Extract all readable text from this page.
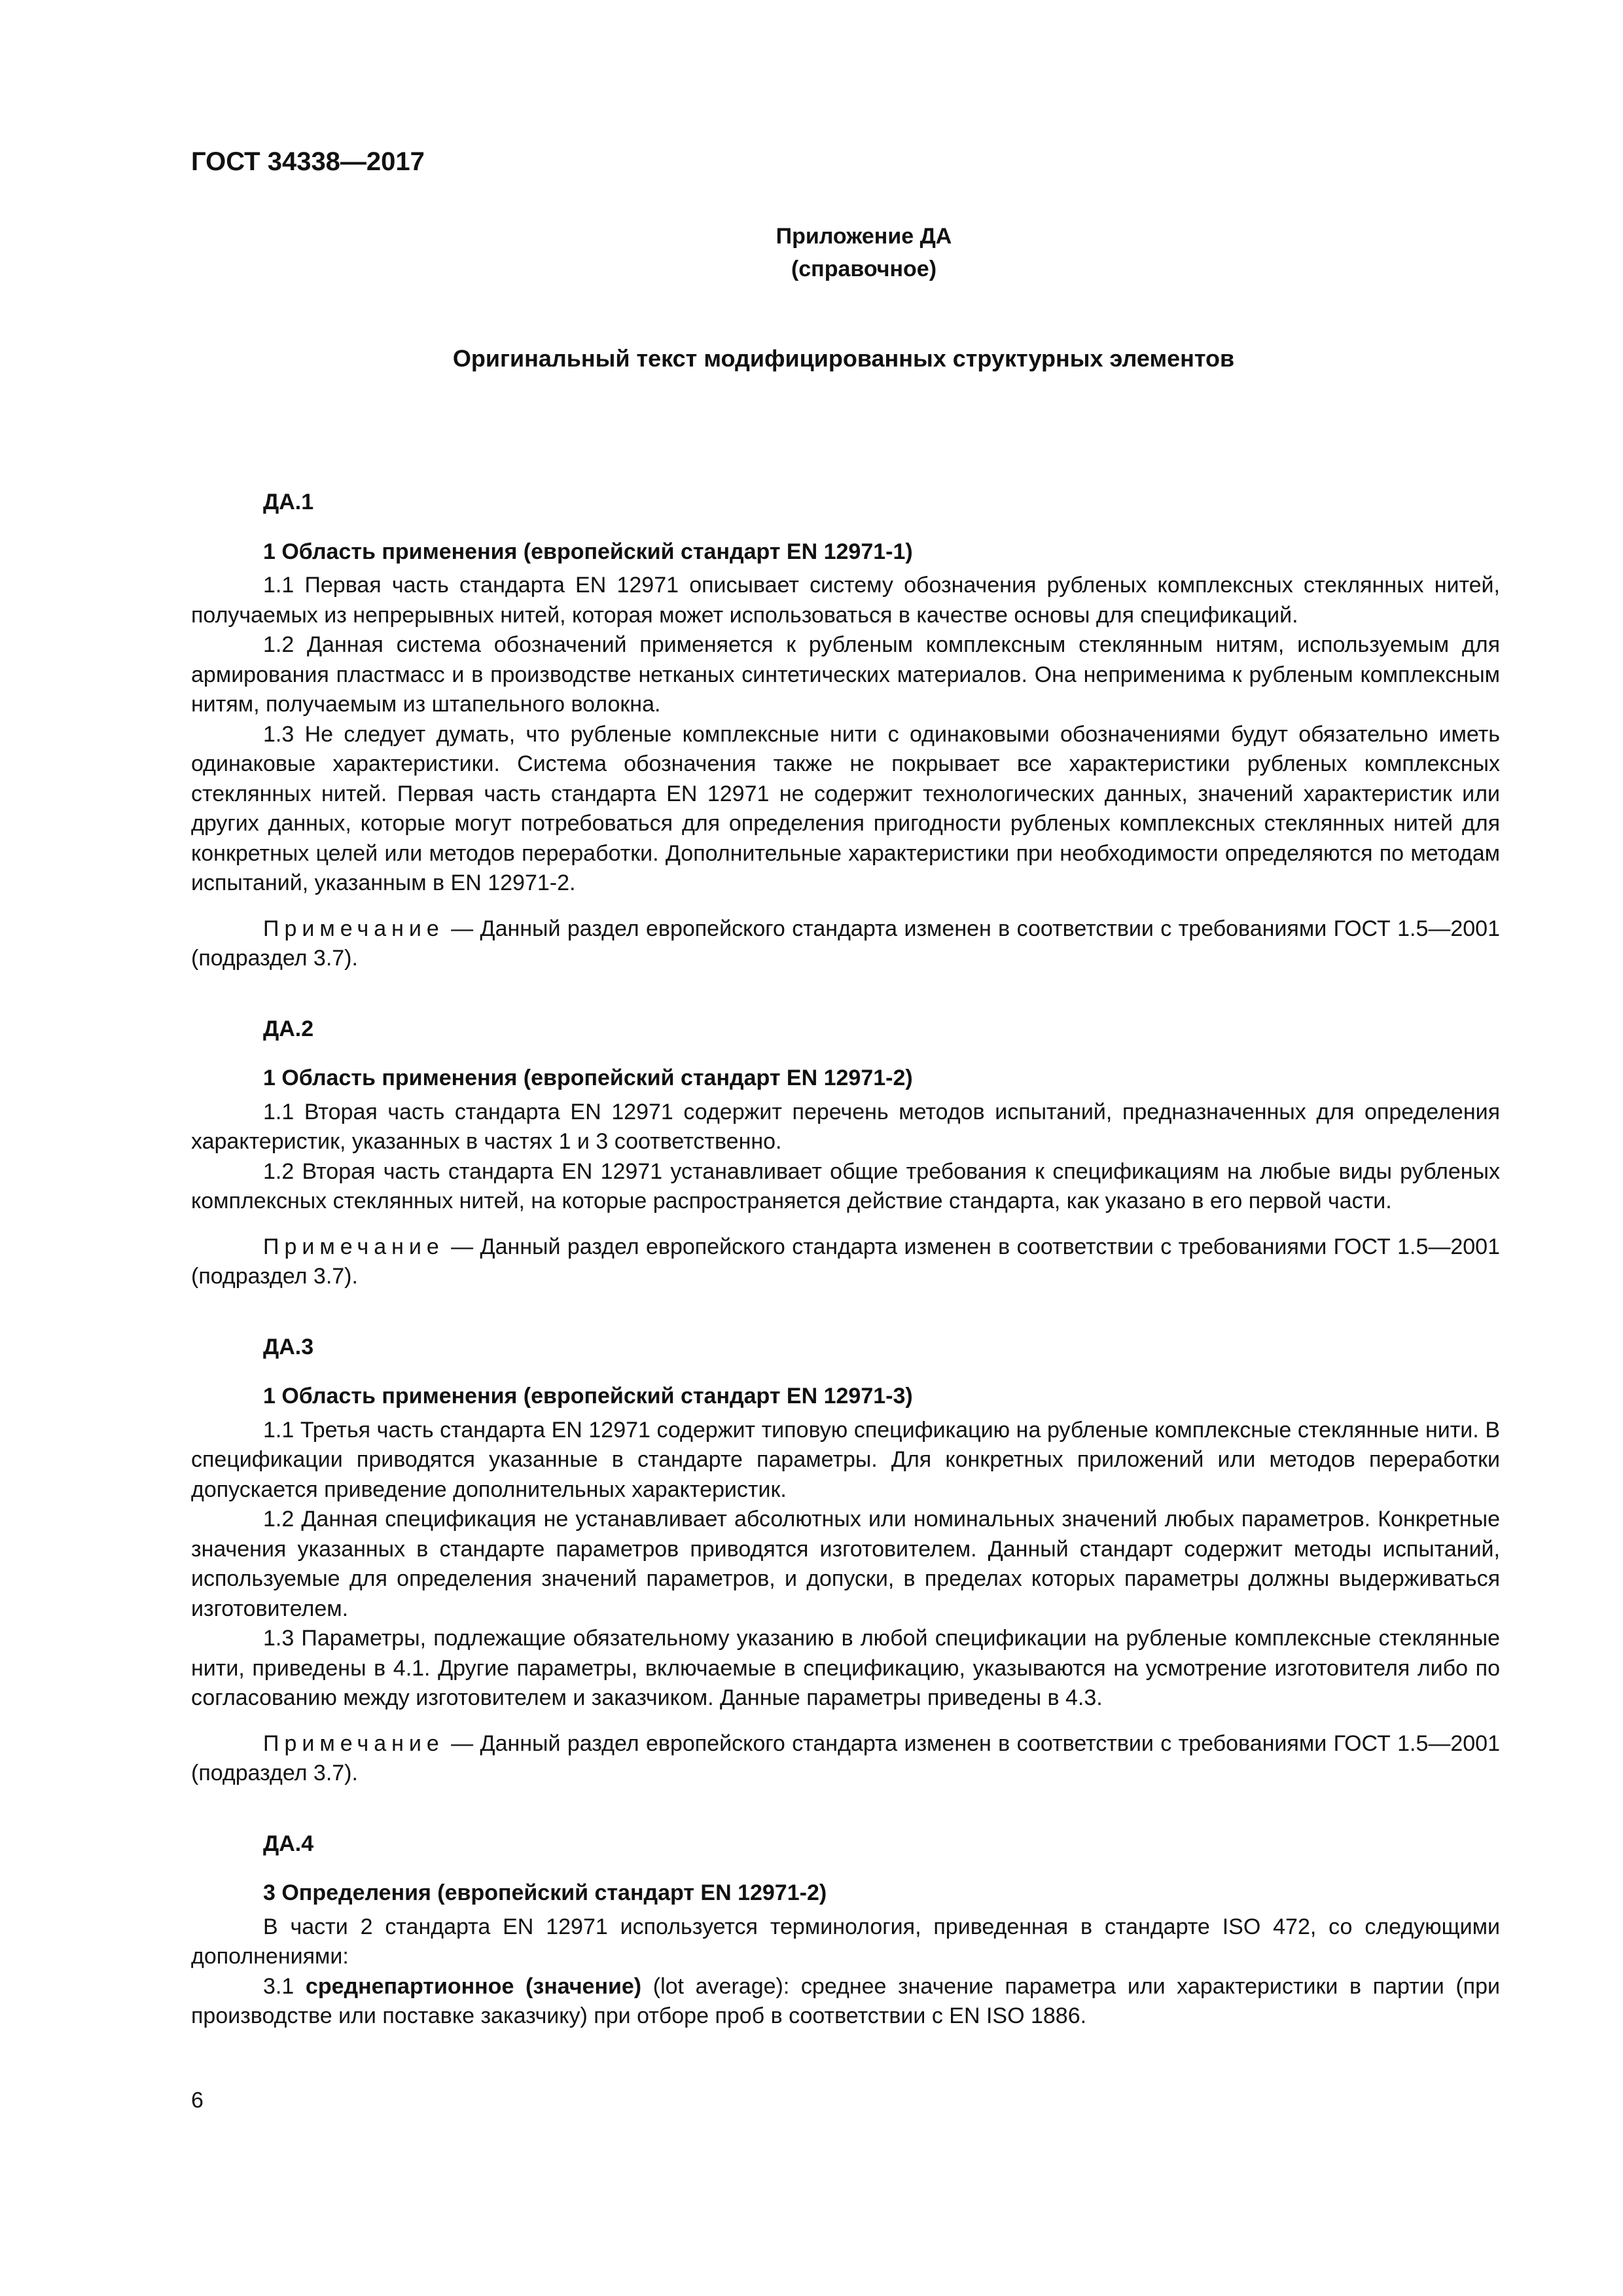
ГОСТ 34338—2017
Приложение ДА
(справочное)
Оригинальный текст модифицированных структурных элементов
ДА.1
1 Область применения (европейский стандарт EN 12971-1)

1.1 Первая часть стандарта EN 12971 описывает систему обозначения рубленых комплексных стеклянных нитей, получаемых из непрерывных нитей, которая может использоваться в качестве основы для спецификаций.

1.2 Данная система обозначений применяется к рубленым комплексным стеклянным нитям, используемым для армирования пластмасс и в производстве нетканых синтетических материалов. Она неприменима к рубленым комплексным нитям, получаемым из штапельного волокна.

1.3 Не следует думать, что рубленые комплексные нити с одинаковыми обозначениями будут обязательно иметь одинаковые характеристики. Система обозначения также не покрывает все характеристики рубленых комплексных стеклянных нитей. Первая часть стандарта EN 12971 не содержит технологических данных, значений характеристик или других данных, которые могут потребоваться для определения пригодности рубленых комплексных стеклянных нитей для конкретных целей или методов переработки. Дополнительные характеристики при необходимости определяются по методам испытаний, указанным в EN 12971-2.

Примечание — Данный раздел европейского стандарта изменен в соответствии с требованиями ГОСТ 1.5—2001 (подраздел 3.7).

ДА.2
1 Область применения (европейский стандарт EN 12971-2)

1.1 Вторая часть стандарта EN 12971 содержит перечень методов испытаний, предназначенных для определения характеристик, указанных в частях 1 и 3 соответственно.

1.2 Вторая часть стандарта EN 12971 устанавливает общие требования к спецификациям на любые виды рубленых комплексных стеклянных нитей, на которые распространяется действие стандарта, как указано в его первой части.

Примечание — Данный раздел европейского стандарта изменен в соответствии с требованиями ГОСТ 1.5—2001 (подраздел 3.7).

ДА.3
1 Область применения (европейский стандарт EN 12971-3)

1.1 Третья часть стандарта EN 12971 содержит типовую спецификацию на рубленые комплексные стеклянные нити. В спецификации приводятся указанные в стандарте параметры. Для конкретных приложений или методов переработки допускается приведение дополнительных характеристик.

1.2 Данная спецификация не устанавливает абсолютных или номинальных значений любых параметров. Конкретные значения указанных в стандарте параметров приводятся изготовителем. Данный стандарт содержит методы испытаний, используемые для определения значений параметров, и допуски, в пределах которых параметры должны выдерживаться изготовителем.

1.3 Параметры, подлежащие обязательному указанию в любой спецификации на рубленые комплексные стеклянные нити, приведены в 4.1. Другие параметры, включаемые в спецификацию, указываются на усмотрение изготовителя либо по согласованию между изготовителем и заказчиком. Данные параметры приведены в 4.3.

Примечание — Данный раздел европейского стандарта изменен в соответствии с требованиями ГОСТ 1.5—2001 (подраздел 3.7).

ДА.4
3 Определения (европейский стандарт EN 12971-2)

В части 2 стандарта EN 12971 используется терминология, приведенная в стандарте ISO 472, со следующими дополнениями:

3.1 среднепартионное (значение) (lot average): среднее значение параметра или характеристики в партии (при производстве или поставке заказчику) при отборе проб в соответствии с EN ISO 1886.

6
